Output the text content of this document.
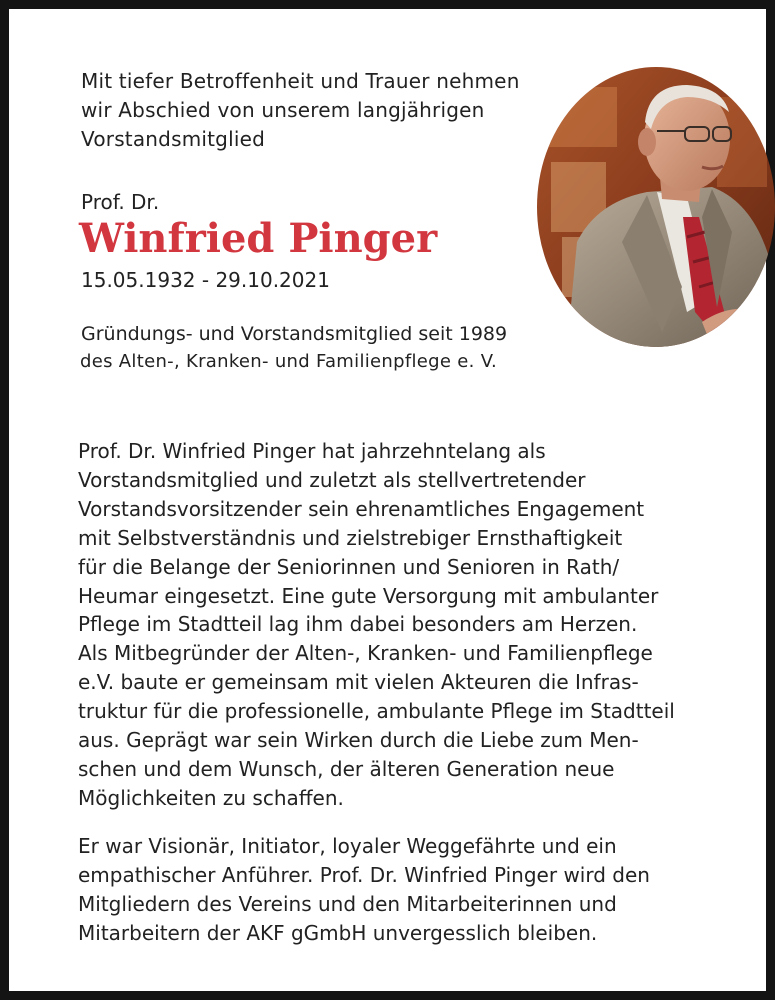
Mit tiefer Betroffenheit und Trauer nehmen
wir Abschied von unserem langjährigen
Vorstandsmitglied
Prof. Dr.
Winfried Pinger
15.05.1932 - 29.10.2021
Gründungs- und Vorstandsmitglied seit 1989
des Alten-, Kranken- und Familienpflege e. V.
Prof. Dr. Winfried Pinger hat jahrzehntelang als
Vorstandsmitglied und zuletzt als stellvertretender
Vorstandsvorsitzender sein ehrenamtliches Engagement
mit Selbstverständnis und zielstrebiger Ernsthaftigkeit
für die Belange der Seniorinnen und Senioren in Rath/
Heumar eingesetzt. Eine gute Versorgung mit ambulanter
Pflege im Stadtteil lag ihm dabei besonders am Herzen.
Als Mitbegründer der Alten-, Kranken- und Familienpflege
e.V. baute er gemeinsam mit vielen Akteuren die Infras-
truktur für die professionelle, ambulante Pflege im Stadtteil
aus. Geprägt war sein Wirken durch die Liebe zum Men-
schen und dem Wunsch, der älteren Generation neue
Möglichkeiten zu schaffen.
Er war Visionär, Initiator, loyaler Weggefährte und ein
empathischer Anführer. Prof. Dr. Winfried Pinger wird den
Mitgliedern des Vereins und den Mitarbeiterinnen und
Mitarbeitern der AKF gGmbH unvergesslich bleiben.
